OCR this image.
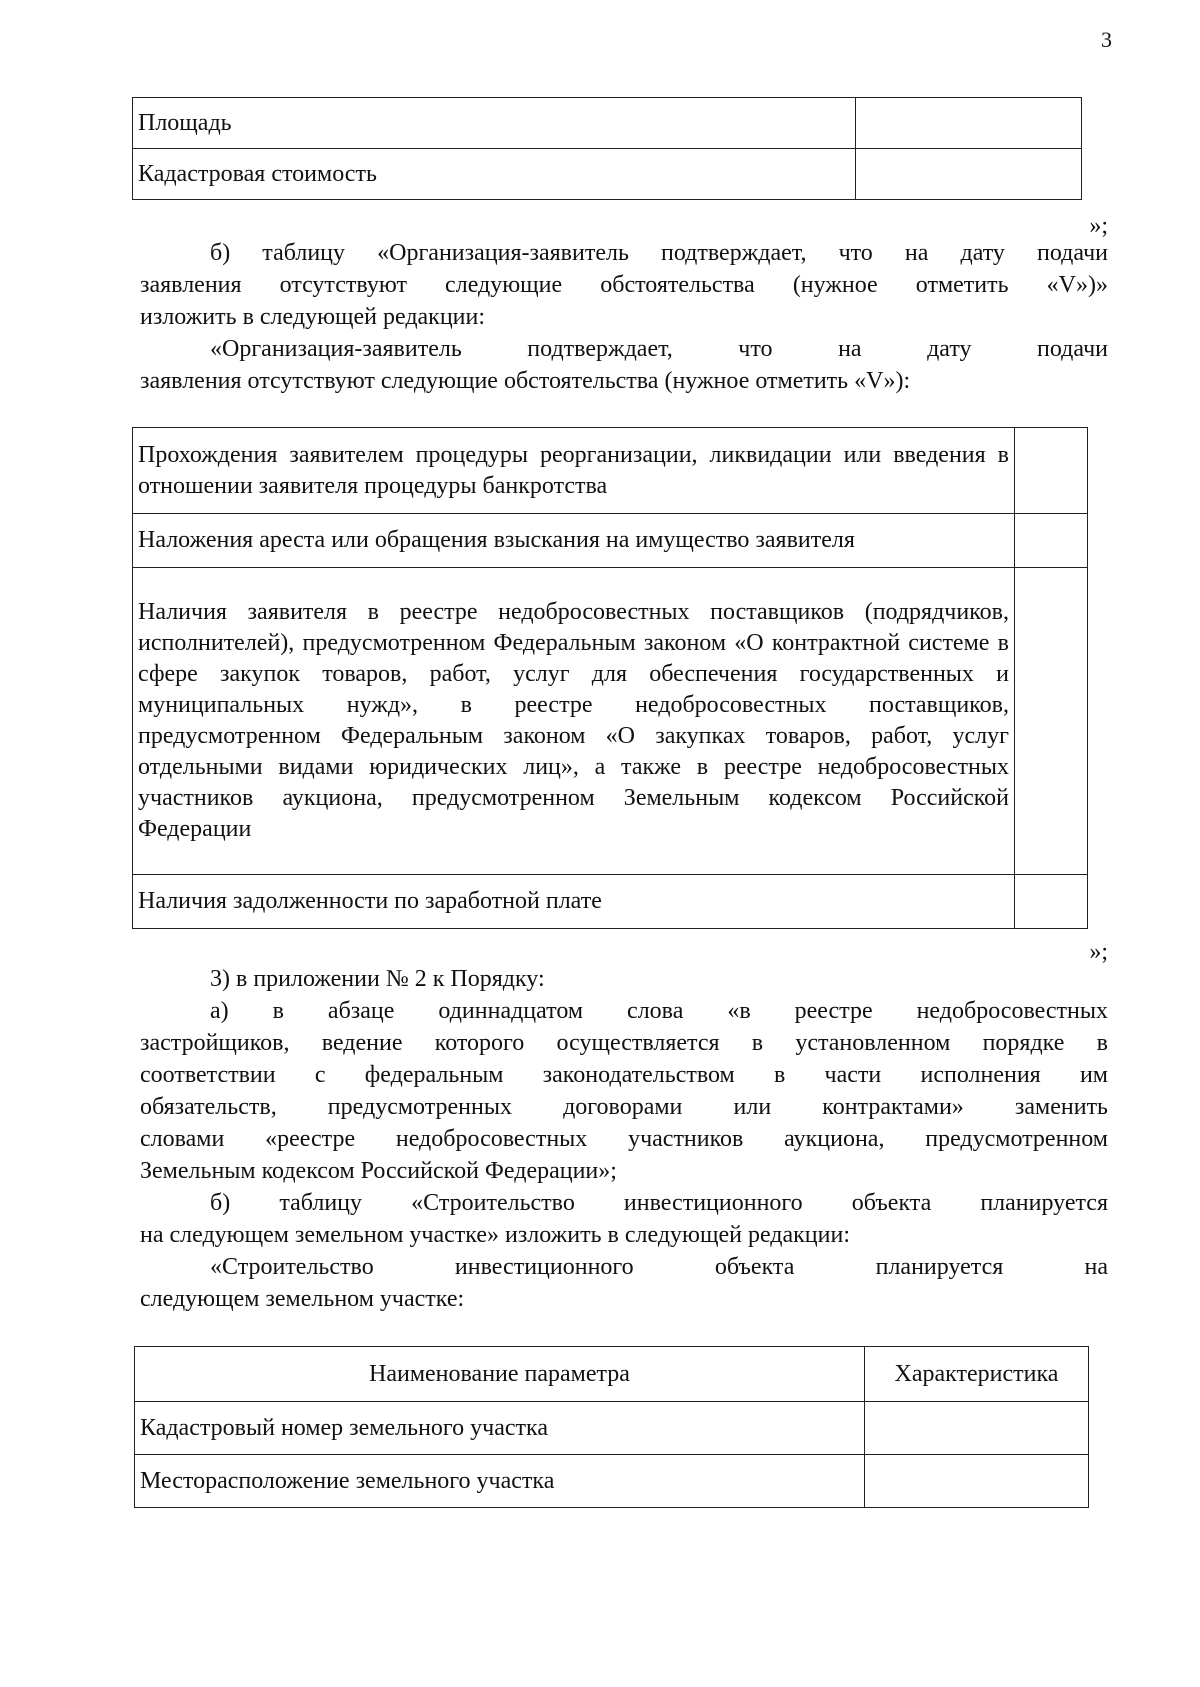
3
Площадь	
Кадастровая стоимость	
»;
б) таблицу «Организация-заявитель подтверждает, что на дату подачи
заявления отсутствуют следующие обстоятельства (нужное отметить «V»)»
изложить в следующей редакции:
«Организация-заявитель подтверждает, что на дату подачи
заявления отсутствуют следующие обстоятельства (нужное отметить «V»):
Прохождения заявителем процедуры реорганизации, ликвидации или введения в отношении заявителя процедуры банкротства	
Наложения ареста или обращения взыскания на имущество заявителя	
Наличия заявителя в реестре недобросовестных поставщиков (подрядчиков, исполнителей), предусмотренном Федеральным законом «О контрактной системе в сфере закупок товаров, работ, услуг для обеспечения государственных и муниципальных нужд», в реестре недобросовестных поставщиков, предусмотренном Федеральным законом «О закупках товаров, работ, услуг отдельными видами юридических лиц», а также в реестре недобросовестных участников аукциона, предусмотренном Земельным кодексом Российской Федерации	
Наличия задолженности по заработной плате	
»;
3) в приложении № 2 к Порядку:
а) в абзаце одиннадцатом слова «в реестре недобросовестных
застройщиков, ведение которого осуществляется в установленном порядке в
соответствии с федеральным законодательством в части исполнения им
обязательств, предусмотренных договорами или контрактами» заменить
словами «реестре недобросовестных участников аукциона, предусмотренном
Земельным кодексом Российской Федерации»;
б) таблицу «Строительство инвестиционного объекта планируется
на следующем земельном участке» изложить в следующей редакции:
«Строительство инвестиционного объекта планируется на
следующем земельном участке:
Наименование параметра	Характеристика
Кадастровый номер земельного участка	
Месторасположение земельного участка	
